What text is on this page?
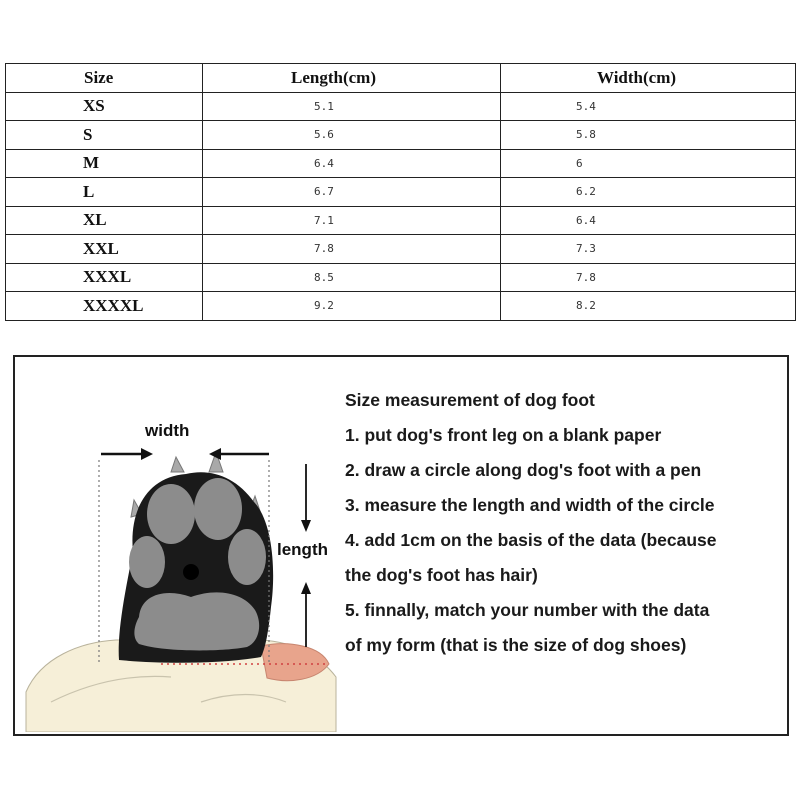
Size	Length(cm)	Width(cm)
XS	5.1	5.4
S	5.6	5.8
M	6.4	6
L	6.7	6.2
XL	7.1	6.4
XXL	7.8	7.3
XXXL	8.5	7.8
XXXXL	9.2	8.2
width
length
Size measurement of dog foot
1. put dog's front leg on a blank paper
2. draw a circle along dog's foot with a pen
3. measure the length and width of the circle
4. add 1cm on the basis of the data (because
the dog's foot has hair)
5. finnally, match your number with the data
of my form (that is the size of dog shoes)
